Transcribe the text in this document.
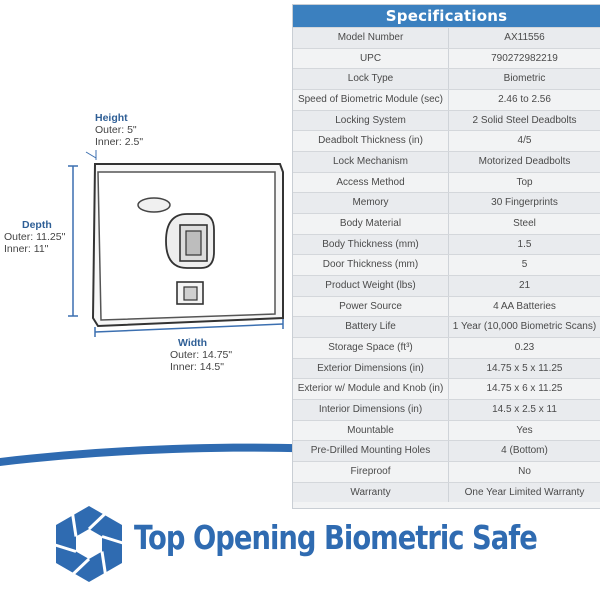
Height
Outer: 5"
Inner: 2.5"
Depth
Outer: 11.25"
Inner: 11"
Width
Outer: 14.75"
Inner: 14.5"
Specifications
Model Number	AX11556
UPC	790272982219
Lock Type	Biometric
Speed of Biometric Module (sec)	2.46 to 2.56
Locking System	2 Solid Steel Deadbolts
Deadbolt Thickness (in)	4/5
Lock Mechanism	Motorized Deadbolts
Access Method	Top
Memory	30 Fingerprints
Body Material	Steel
Body Thickness (mm)	1.5
Door Thickness (mm)	5
Product Weight (lbs)	21
Power Source	4 AA Batteries
Battery Life	1 Year (10,000 Biometric Scans)
Storage Space (ft³)	0.23
Exterior Dimensions (in)	14.75 x 5 x 11.25
Exterior w/ Module and Knob (in)	14.75 x 6 x 11.25
Interior Dimensions (in)	14.5 x 2.5 x 11
Mountable	Yes
Pre-Drilled Mounting Holes	4 (Bottom)
Fireproof	No
Warranty	One Year Limited Warranty
Top Opening Biometric Safe
